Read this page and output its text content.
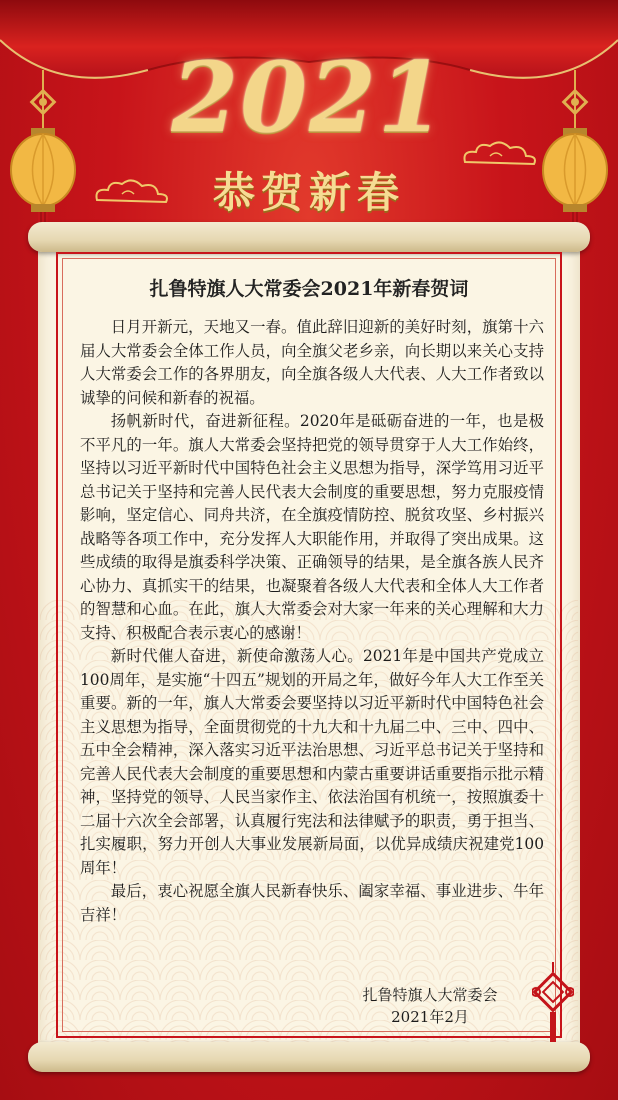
2021
恭贺新春
扎鲁特旗人大常委会2021年新春贺词

日月开新元，天地又一春。值此辞旧迎新的美好时刻，旗第十六届人大常委会全体工作人员，向全旗父老乡亲，向长期以来关心支持人大常委会工作的各界朋友，向全旗各级人大代表、人大工作者致以诚挚的问候和新春的祝福。

扬帆新时代，奋进新征程。2020年是砥砺奋进的一年，也是极不平凡的一年。旗人大常委会坚持把党的领导贯穿于人大工作始终，坚持以习近平新时代中国特色社会主义思想为指导，深学笃用习近平总书记关于坚持和完善人民代表大会制度的重要思想，努力克服疫情影响，坚定信心、同舟共济，在全旗疫情防控、脱贫攻坚、乡村振兴战略等各项工作中，充分发挥人大职能作用，并取得了突出成果。这些成绩的取得是旗委科学决策、正确领导的结果，是全旗各族人民齐心协力、真抓实干的结果，也凝聚着各级人大代表和全体人大工作者的智慧和心血。在此，旗人大常委会对大家一年来的关心理解和大力支持、积极配合表示衷心的感谢！

新时代催人奋进，新使命激荡人心。2021年是中国共产党成立100周年，是实施“十四五”规划的开局之年，做好今年人大工作至关重要。新的一年，旗人大常委会要坚持以习近平新时代中国特色社会主义思想为指导，全面贯彻党的十九大和十九届二中、三中、四中、五中全会精神，深入落实习近平法治思想、习近平总书记关于坚持和完善人民代表大会制度的重要思想和内蒙古重要讲话重要指示批示精神，坚持党的领导、人民当家作主、依法治国有机统一，按照旗委十二届十六次全会部署，认真履行宪法和法律赋予的职责，勇于担当、扎实履职，努力开创人大事业发展新局面，以优异成绩庆祝建党100周年！

最后，衷心祝愿全旗人民新春快乐、阖家幸福、事业进步、牛年吉祥！

扎鲁特旗人大常委会
2021年2月
